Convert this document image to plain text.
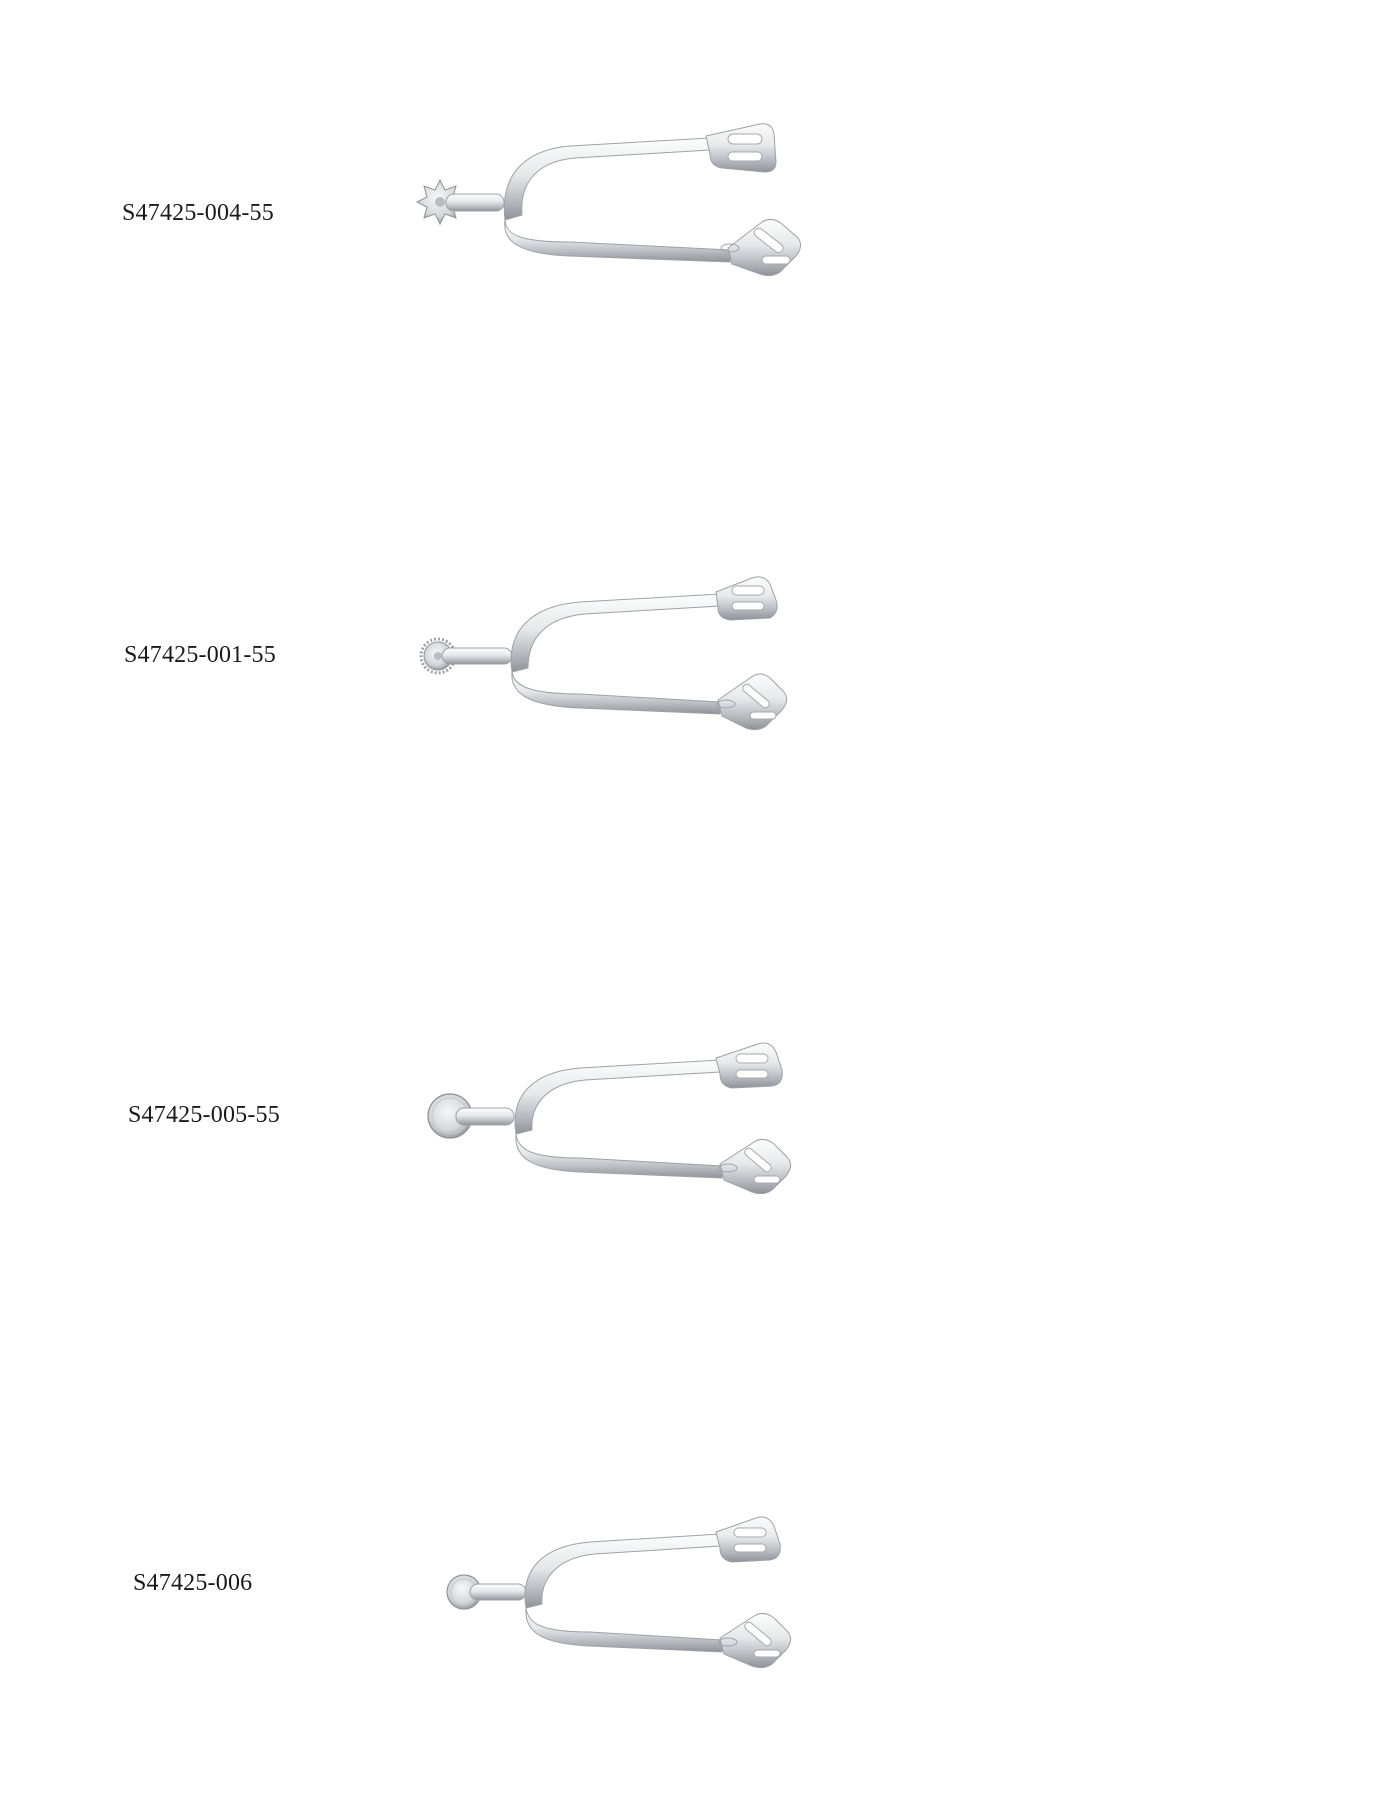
S47425-004-55
S47425-001-55
S47425-005-55
S47425-006
